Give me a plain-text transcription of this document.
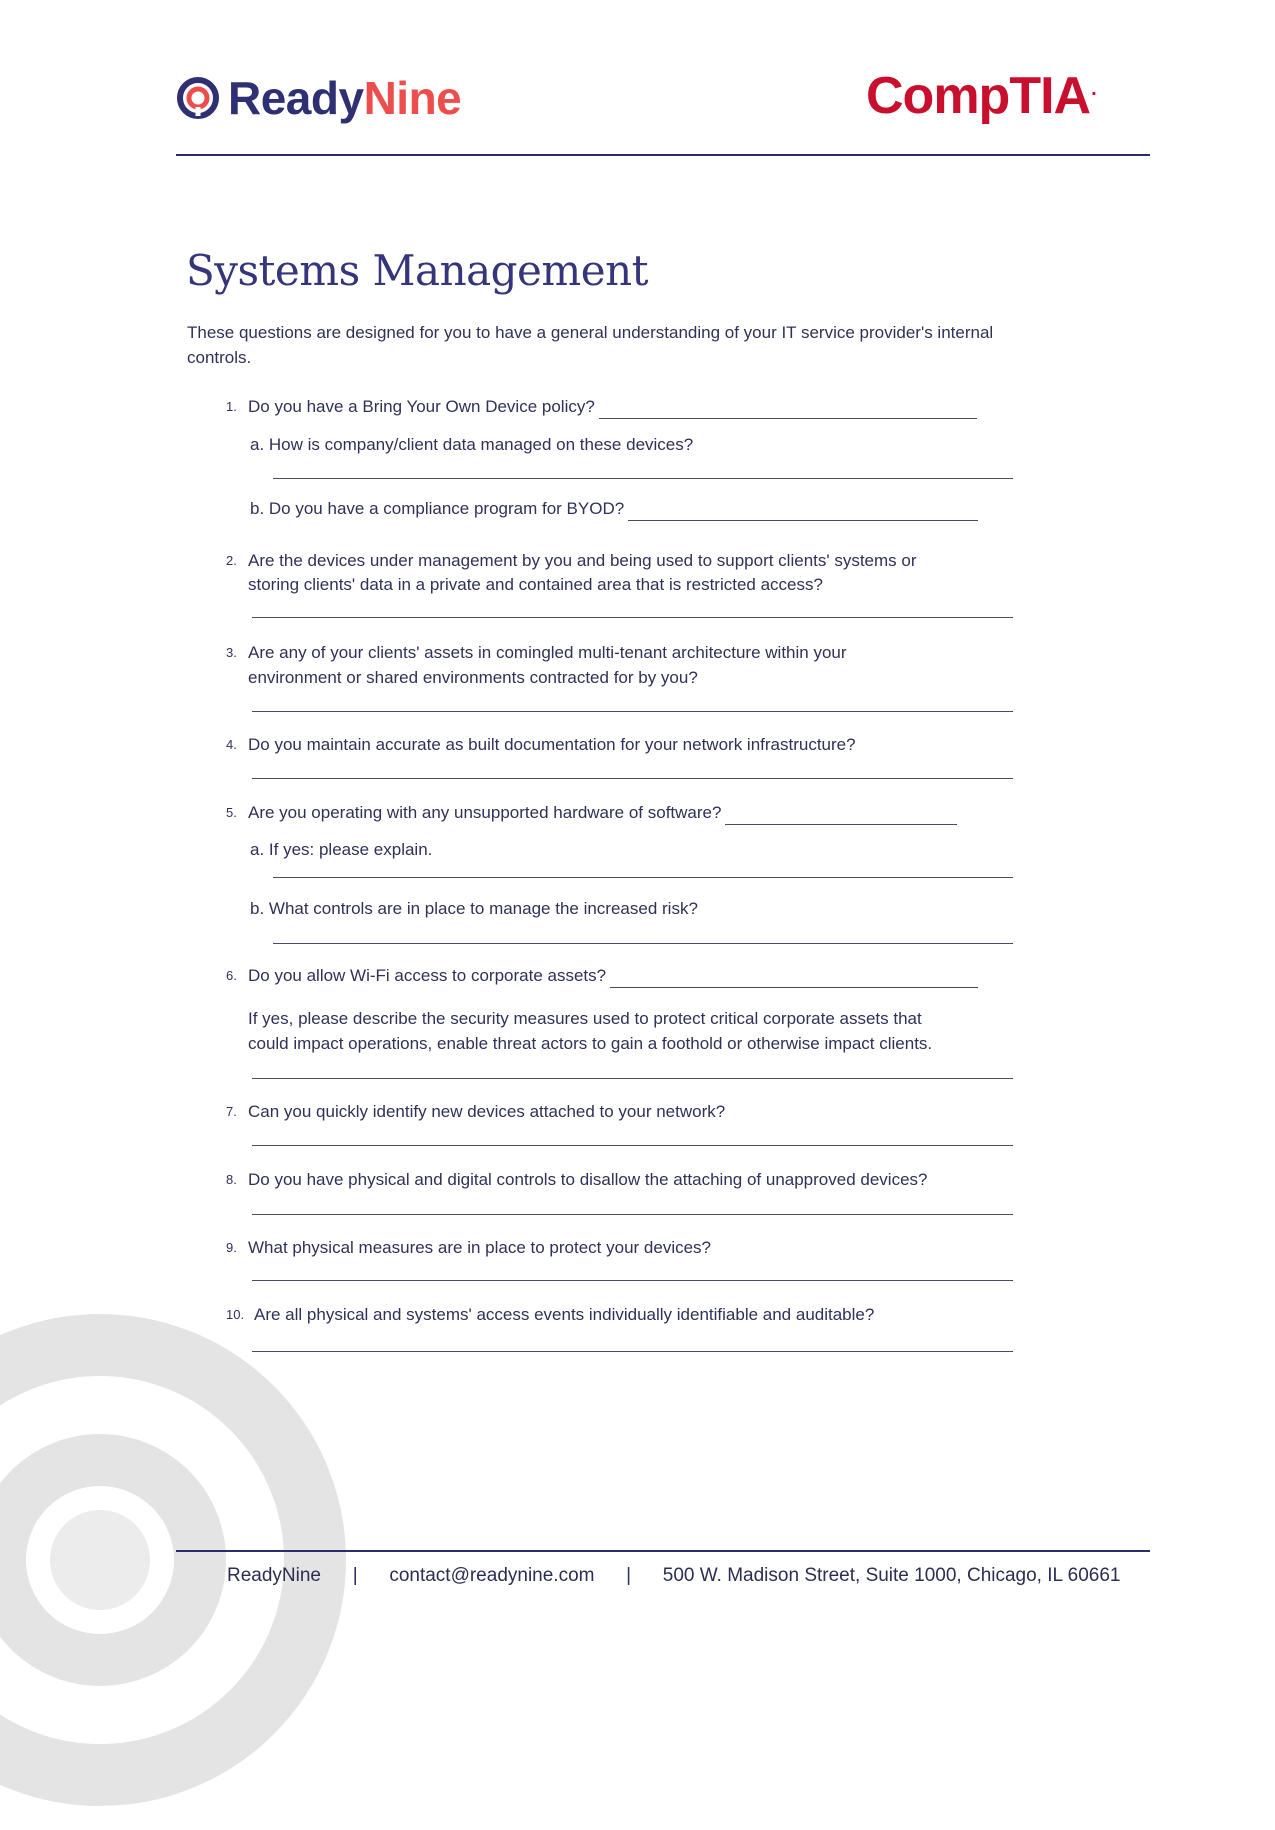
Ready Nine	CompTIA.
Systems Management
These questions are designed for you to have a general understanding of your IT service provider's internal controls.
1. Do you have a Bring Your Own Device policy?
a. How is company/client data managed on these devices?
b. Do you have a compliance program for BYOD?
2. Are the devices under management by you and being used to support clients' systems or
storing clients' data in a private and contained area that is restricted access?
3. Are any of your clients' assets in comingled multi-tenant architecture within your
environment or shared environments contracted for by you?
4. Do you maintain accurate as built documentation for your network infrastructure?
5. Are you operating with any unsupported hardware of software?
a. If yes: please explain.
b. What controls are in place to manage the increased risk?
6. Do you allow Wi-Fi access to corporate assets?
If yes, please describe the security measures used to protect critical corporate assets that
could impact operations, enable threat actors to gain a foothold or otherwise impact clients.
7. Can you quickly identify new devices attached to your network?
8. Do you have physical and digital controls to disallow the attaching of unapproved devices?
9. What physical measures are in place to protect your devices?
10. Are all physical and systems' access events individually identifiable and auditable?
ReadyNine | contact@readynine.com | 500 W. Madison Street, Suite 1000, Chicago, IL 60661
